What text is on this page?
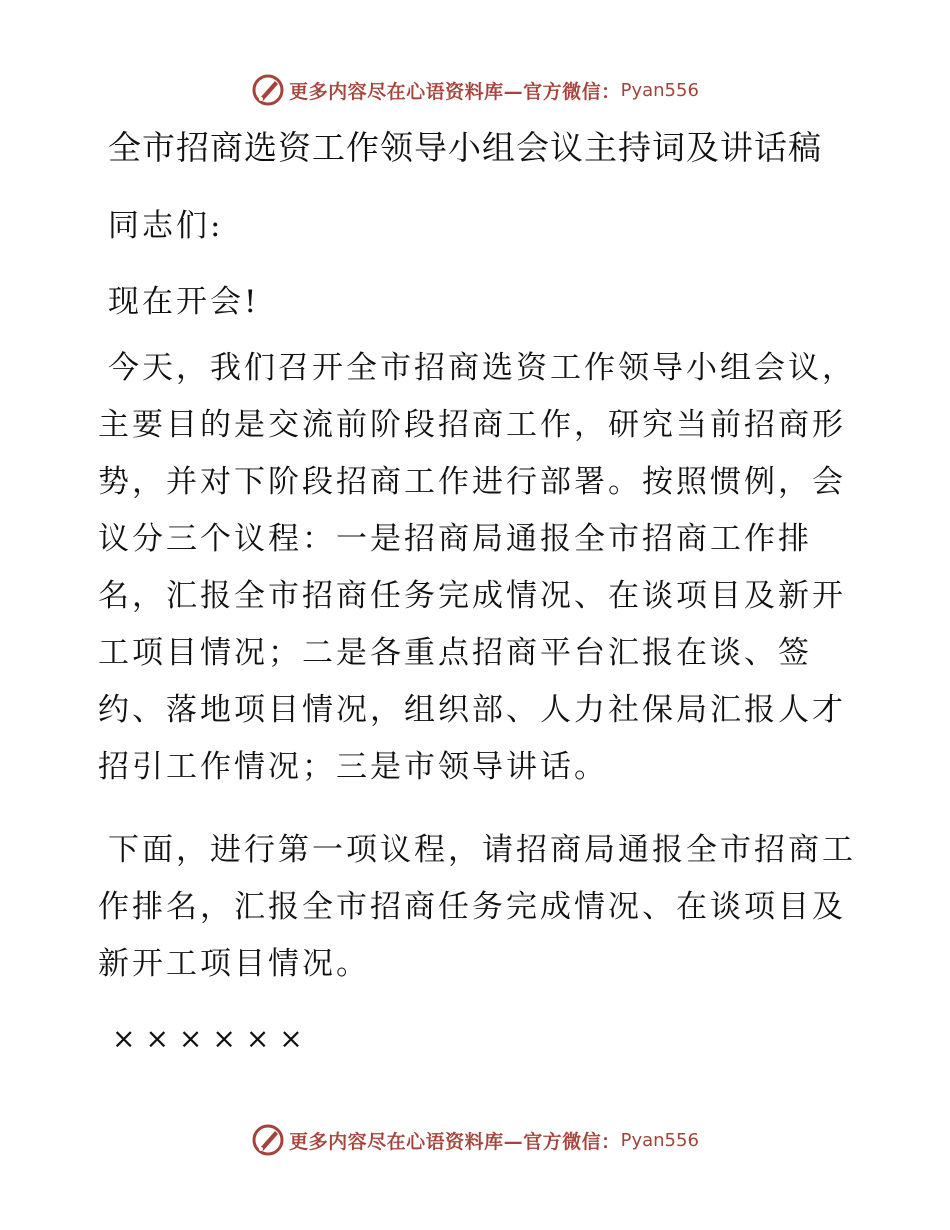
更多内容尽在心语资料库—官方微信： Pyan556
全市招商选资工作领导小组会议主持词及讲话稿
同志们:
现在开会!
今天，我们召开全市招商选资工作领导小组会议，主要目的是交流前阶段招商工作，研究当前招商形势，并对下阶段招商工作进行部署。按照惯例，会议分三个议程：一是招商局通报全市招商工作排名，汇报全市招商任务完成情况、在谈项目及新开工项目情况；二是各重点招商平台汇报在谈、签约、落地项目情况，组织部、人力社保局汇报人才招引工作情况；三是市领导讲话。
下面，进行第一项议程，请招商局通报全市招商工作排名，汇报全市招商任务完成情况、在谈项目及新开工项目情况。
××××××
更多内容尽在心语资料库—官方微信： Pyan556
